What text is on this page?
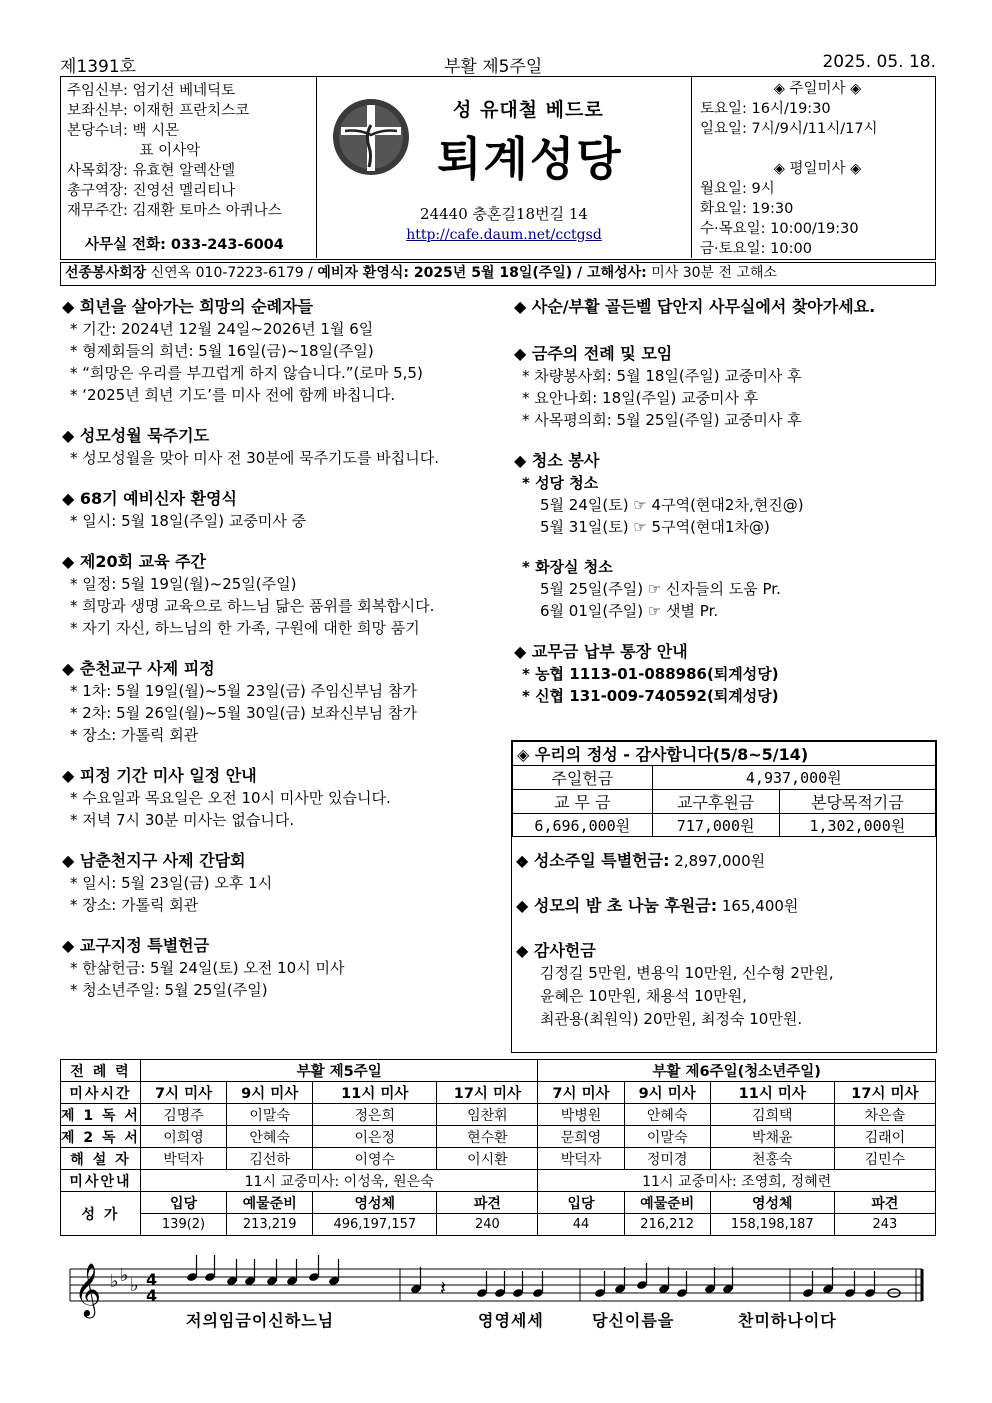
제1391호	부활 제5주일	2025. 05. 18.
주임신부: 엄기선 베네딕토
보좌신부: 이재헌 프란치스코
본당수녀: 백 시몬
　　　　　표 이사악
사목회장: 유효현 알렉산델
총구역장: 진영선 멜리티나
재무주간: 김재환 토마스 아퀴나스
사무실 전화: 033-243-6004
성 유대철 베드로
퇴계성당
24440 충혼길18번길 14
http://cafe.daum.net/cctgsd
◈ 주일미사 ◈
토요일: 16시/19:30
일요일: 7시/9시/11시/17시
◈ 평일미사 ◈
월요일: 9시
화요일: 19:30
수·목요일: 10:00/19:30
금·토요일: 10:00
선종봉사회장 신연옥 010-7223-6179 / 예비자 환영식: 2025년 5월 18일(주일) / 고해성사: 미사 30분 전 고해소
◆ 희년을 살아가는 희망의 순례자들
* 기간: 2024년 12월 24일~2026년 1월 6일
* 형제회들의 희년: 5월 16일(금)~18일(주일)
* “희망은 우리를 부끄럽게 하지 않습니다.”(로마 5,5)
* ‘2025년 희년 기도’를 미사 전에 함께 바칩니다.
◆ 성모성월 묵주기도
* 성모성월을 맞아 미사 전 30분에 묵주기도를 바칩니다.
◆ 68기 예비신자 환영식
* 일시: 5월 18일(주일) 교중미사 중
◆ 제20회 교육 주간
* 일정: 5월 19일(월)~25일(주일)
* 희망과 생명 교육으로 하느님 닮은 품위를 회복합시다.
* 자기 자신, 하느님의 한 가족, 구원에 대한 희망 품기
◆ 춘천교구 사제 피정
* 1차: 5월 19일(월)~5월 23일(금) 주임신부님 참가
* 2차: 5월 26일(월)~5월 30일(금) 보좌신부님 참가
* 장소: 가톨릭 회관
◆ 피정 기간 미사 일정 안내
* 수요일과 목요일은 오전 10시 미사만 있습니다.
* 저녁 7시 30분 미사는 없습니다.
◆ 남춘천지구 사제 간담회
* 일시: 5월 23일(금) 오후 1시
* 장소: 가톨릭 회관
◆ 교구지정 특별헌금
* 한삶헌금: 5월 24일(토) 오전 10시 미사
* 청소년주일: 5월 25일(주일)
◆ 사순/부활 골든벨 답안지 사무실에서 찾아가세요.
◆ 금주의 전례 및 모임
* 차량봉사회: 5월 18일(주일) 교중미사 후
* 요안나회: 18일(주일) 교중미사 후
* 사목평의회: 5월 25일(주일) 교중미사 후
◆ 청소 봉사
* 성당 청소
5월 24일(토) ☞ 4구역(현대2차,현진@)
5월 31일(토) ☞ 5구역(현대1차@)
* 화장실 청소
5월 25일(주일) ☞ 신자들의 도움 Pr.
6월 01일(주일) ☞ 샛별 Pr.
◆ 교무금 납부 통장 안내
* 농협 1113-01-088986(퇴계성당)
* 신협 131-009-740592(퇴계성당)
◈ 우리의 정성 - 감사합니다(5/8~5/14)		
주일헌금	4,937,000원	
교 무 금	교구후원금	본당목적기금
6,696,000원	717,000원	1,302,000원
◆ 성소주일 특별헌금: 2,897,000원
◆ 성모의 밤 초 나눔 후원금: 165,400원
◆ 감사헌금
김정길 5만원, 변용익 10만원, 신수형 2만원,
윤혜은 10만원, 채용석 10만원,
최관용(최원익) 20만원, 최정숙 10만원.
전 례 력	부활 제5주일				부활 제6주일(청소년주일)			
미사시간	7시 미사	9시 미사	11시 미사	17시 미사	7시 미사	9시 미사	11시 미사	17시 미사
제 1 독 서	김명주	이말숙	정은희	임찬휘	박병원	안혜숙	김희택	차은솔
제 2 독 서	이희영	안혜숙	이은정	현수환	문희영	이말숙	박채윤	김래이
해 설 자	박덕자	김선하	이영수	이시환	박덕자	정미경	천홍숙	김민수
미사안내	11시 교중미사: 이성욱, 원은숙				11시 교중미사: 조영희, 정혜련			
성 가	입당	예물준비	영성체	파견	입당	예물준비	영성체	파견
	139(2)	213,219	496,197,157	240	44	216,212	158,198,187	243
𝄞 ♭ ♭ ♭ 4
4	𝄽
저의임금이신하느님	영영세세	당신이름을	찬미하나이다
